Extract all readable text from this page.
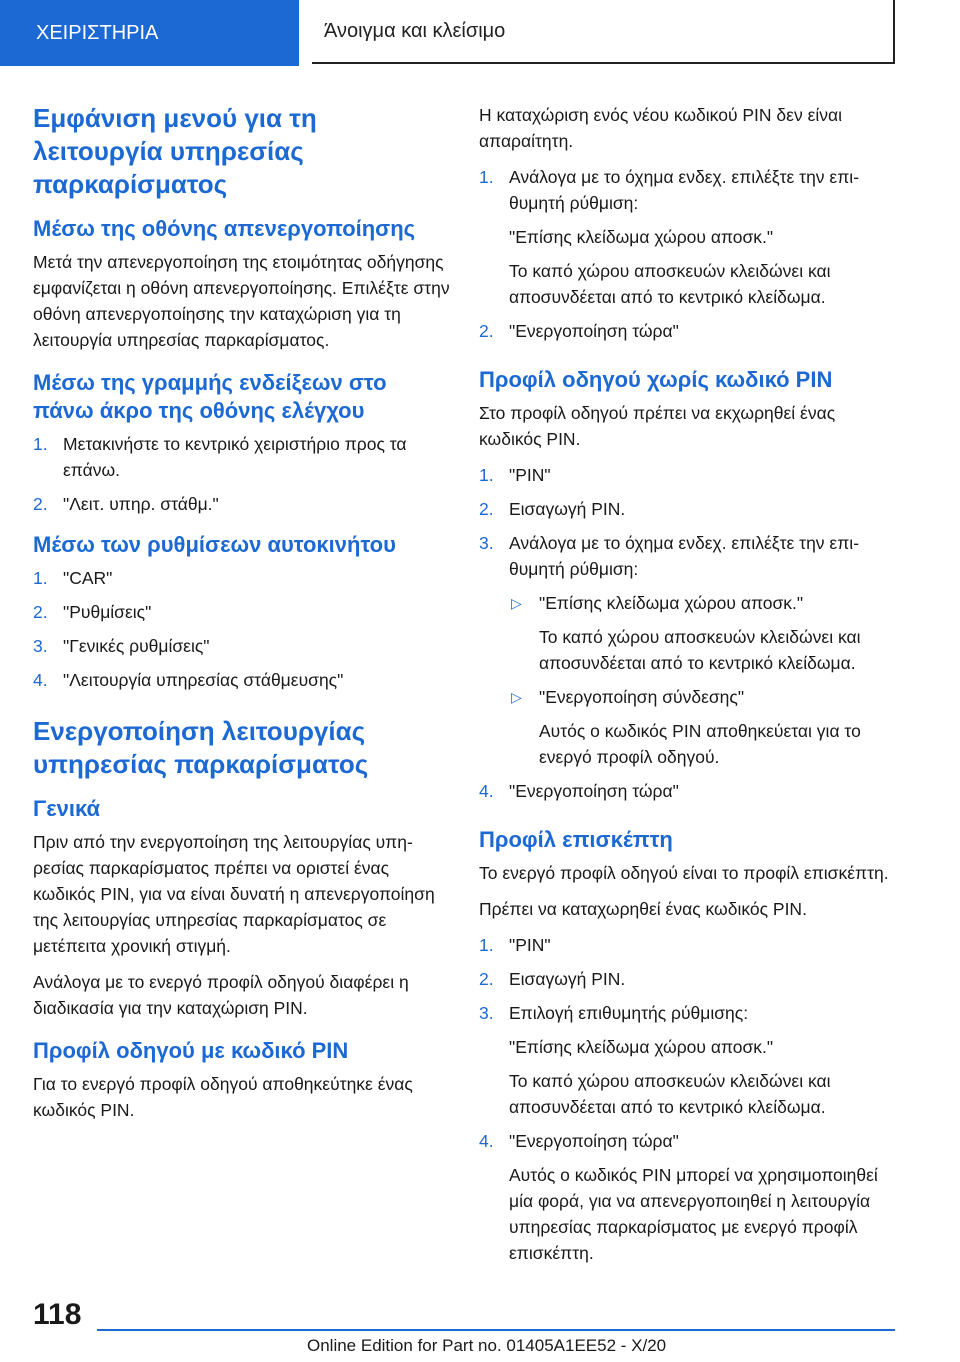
ΧΕΙΡΙΣΤΗΡΙΑ	Άνοιγμα και κλείσιμο
Εμφάνιση μενού για τη λειτουργία υπηρεσίας παρκαρίσματος
Μέσω της οθόνης απενεργοποίησης

Μετά την απενεργοποίηση της ετοιμότητας οδήγησης εμφανίζεται η οθόνη απενεργοποίησης. Επιλέξτε στην οθόνη απενεργοποίησης την καταχώριση για τη λειτουργία υπηρεσίας παρκαρίσματος.

Μέσω της γραμμής ενδείξεων στο πάνω άκρο της οθόνης ελέγχου
1. Μετακινήστε το κεντρικό χειριστήριο προς τα επάνω.
2. "Λειτ. υπηρ. στάθμ."
Μέσω των ρυθμίσεων αυτοκινήτου
1. "CAR"
2. "Ρυθμίσεις"
3. "Γενικές ρυθμίσεις"
4. "Λειτουργία υπηρεσίας στάθμευσης"
Ενεργοποίηση λειτουργίας υπηρεσίας παρκαρίσματος
Γενικά

Πριν από την ενεργοποίηση της λειτουργίας υπηρεσίας παρκαρίσματος πρέπει να οριστεί ένας κωδικός PIN, για να είναι δυνατή η απενεργοποίηση της λειτουργίας υπηρεσίας παρκαρίσματος σε μετέπειτα χρονική στιγμή.

Ανάλογα με το ενεργό προφίλ οδηγού διαφέρει η διαδικασία για την καταχώριση PIN.

Προφίλ οδηγού με κωδικό PIN

Για το ενεργό προφίλ οδηγού αποθηκεύτηκε ένας κωδικός PIN.

Η καταχώριση ενός νέου κωδικού PIN δεν είναι απαραίτητη.

1. Ανάλογα με το όχημα ενδεχ. επιλέξτε την επιθυμητή ρύθμιση:
"Επίσης κλείδωμα χώρου αποσκ."
Το καπό χώρου αποσκευών κλειδώνει και αποσυνδέεται από το κεντρικό κλείδωμα.
2. "Ενεργοποίηση τώρα"
Προφίλ οδηγού χωρίς κωδικό PIN

Στο προφίλ οδηγού πρέπει να εκχωρηθεί ένας κωδικός PIN.

1. "PIN"
2. Εισαγωγή PIN.
3. Ανάλογα με το όχημα ενδεχ. επιλέξτε την επιθυμητή ρύθμιση:
▷ "Επίσης κλείδωμα χώρου αποσκ."
Το καπό χώρου αποσκευών κλειδώνει και αποσυνδέεται από το κεντρικό κλείδωμα.
▷ "Ενεργοποίηση σύνδεσης"
Αυτός ο κωδικός PIN αποθηκεύεται για το ενεργό προφίλ οδηγού.
4. "Ενεργοποίηση τώρα"
Προφίλ επισκέπτη

Το ενεργό προφίλ οδηγού είναι το προφίλ επισκέπτη.

Πρέπει να καταχωρηθεί ένας κωδικός PIN.

1. "PIN"
2. Εισαγωγή PIN.
3. Επιλογή επιθυμητής ρύθμισης:
"Επίσης κλείδωμα χώρου αποσκ."
Το καπό χώρου αποσκευών κλειδώνει και αποσυνδέεται από το κεντρικό κλείδωμα.
4. "Ενεργοποίηση τώρα"
Αυτός ο κωδικός PIN μπορεί να χρησιμοποιηθεί μία φορά, για να απενεργοποιηθεί η λειτουργία υπηρεσίας παρκαρίσματος με ενεργό προφίλ επισκέπτη.
118
Online Edition for Part no. 01405A1EE52 - X/20
